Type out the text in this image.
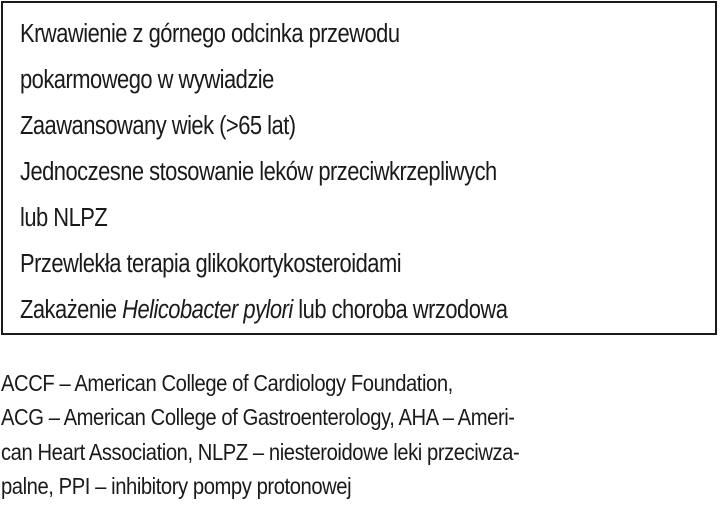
Krwawienie z górnego odcinka przewodu
pokarmowego w wywiadzie
Zaawansowany wiek (>65 lat)
Jednoczesne stosowanie leków przeciwkrzepliwych
lub NLPZ
Przewlekła terapia glikokortykosteroidami
Zakażenie Helicobacter pylori lub choroba wrzodowa
ACCF – American College of Cardiology Foundation,
ACG – American College of Gastroenterology, AHA – Ameri-
can Heart Association, NLPZ – niesteroidowe leki przeciwza-
palne, PPI – inhibitory pompy protonowej
